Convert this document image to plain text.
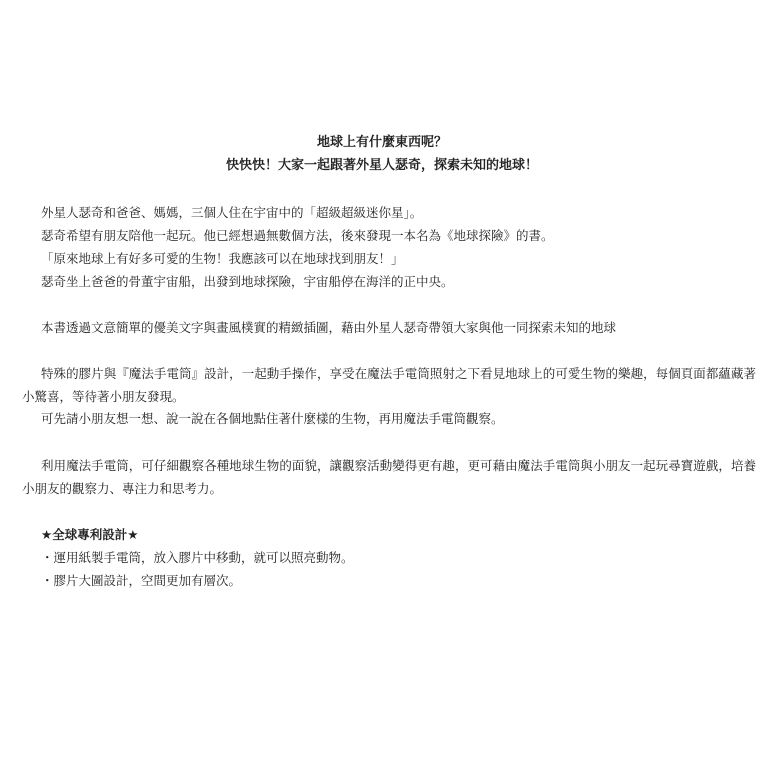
地球上有什麼東西呢？

快快快！大家一起跟著外星人瑟奇，探索未知的地球！

外星人瑟奇和爸爸、媽媽，三個人住在宇宙中的「超級超級迷你星」。

瑟奇希望有朋友陪他一起玩。他已經想過無數個方法，後來發現一本名為《地球探險》的書。

「原來地球上有好多可愛的生物！我應該可以在地球找到朋友！」

瑟奇坐上爸爸的骨董宇宙船，出發到地球探險，宇宙船停在海洋的正中央。

本書透過文意簡單的優美文字與畫風樸實的精緻插圖，藉由外星人瑟奇帶領大家與他一同探索未知的地球

特殊的膠片與『魔法手電筒』設計，一起動手操作，享受在魔法手電筒照射之下看見地球上的可愛生物的樂趣，每個頁面都蘊藏著小驚喜，等待著小朋友發現。

可先請小朋友想一想、說一說在各個地點住著什麼樣的生物，再用魔法手電筒觀察。

利用魔法手電筒，可仔細觀察各種地球生物的面貌，讓觀察活動變得更有趣，更可藉由魔法手電筒與小朋友一起玩尋寶遊戲，培養小朋友的觀察力、專注力和思考力。

★全球專利設計★

・運用紙製手電筒，放入膠片中移動，就可以照亮動物。

・膠片大圖設計，空間更加有層次。
